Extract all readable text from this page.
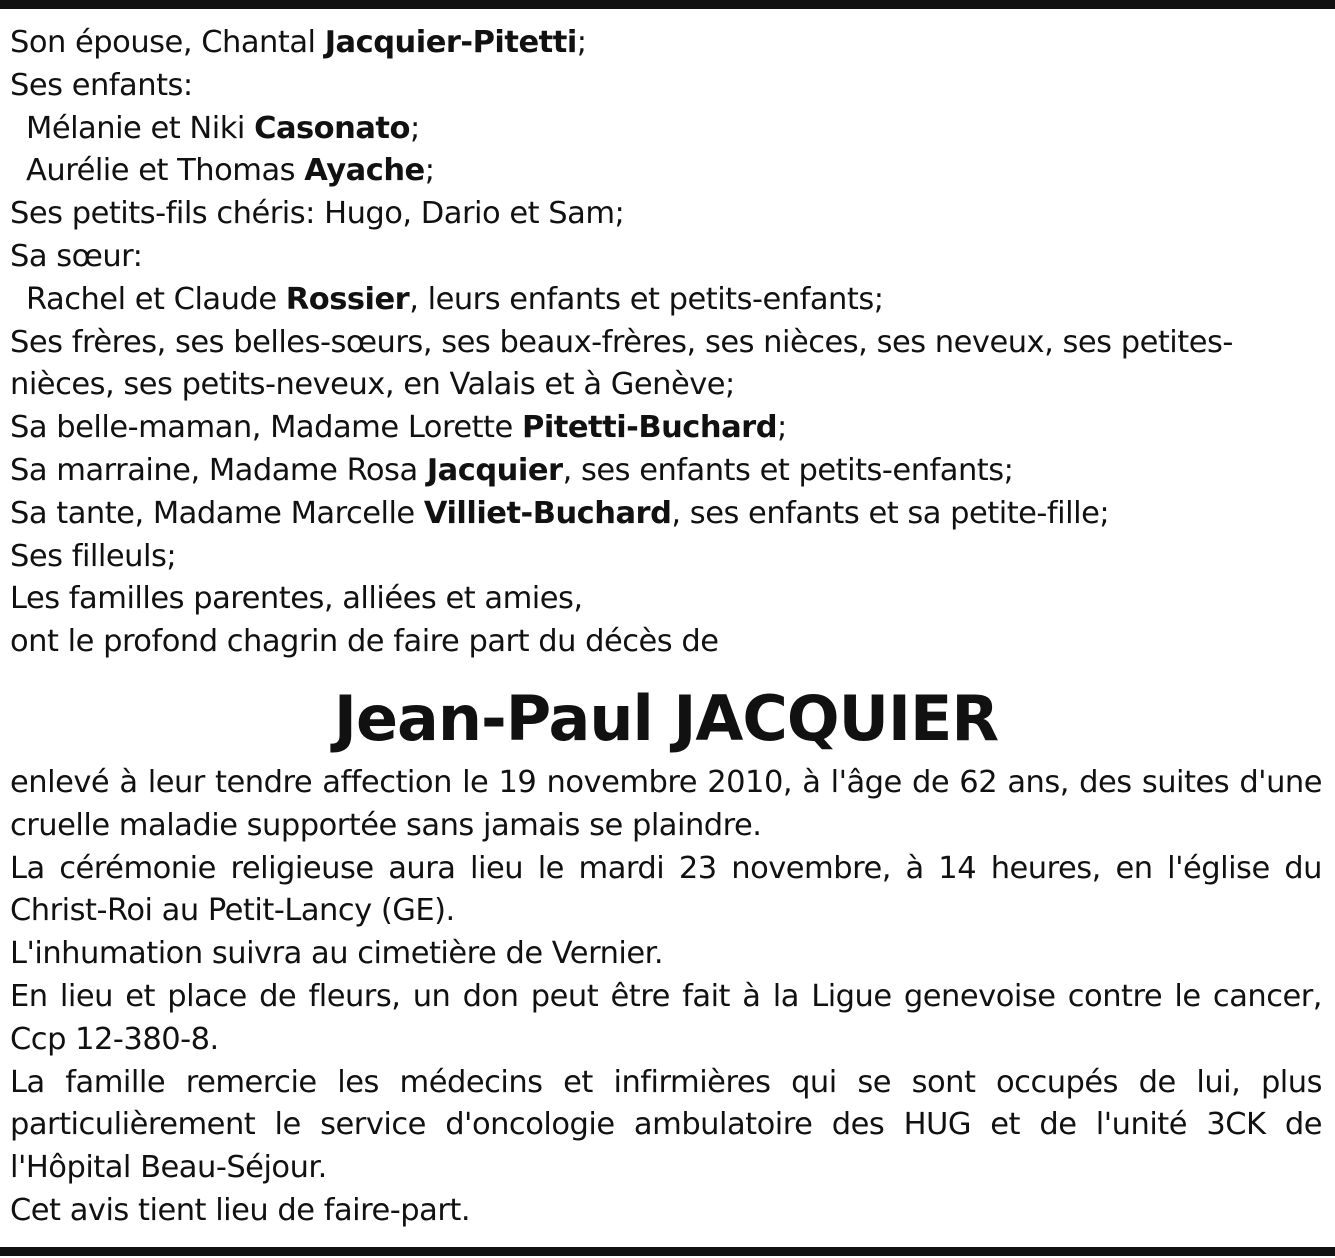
Son épouse, Chantal Jacquier-Pitetti;
Ses enfants:
Mélanie et Niki Casonato;
Aurélie et Thomas Ayache;
Ses petits-fils chéris: Hugo, Dario et Sam;
Sa sœur:
Rachel et Claude Rossier, leurs enfants et petits-enfants;
Ses frères, ses belles-sœurs, ses beaux-frères, ses nièces, ses neveux, ses petites-
nièces, ses petits-neveux, en Valais et à Genève;
Sa belle-maman, Madame Lorette Pitetti-Buchard;
Sa marraine, Madame Rosa Jacquier, ses enfants et petits-enfants;
Sa tante, Madame Marcelle Villiet-Buchard, ses enfants et sa petite-fille;
Ses filleuls;
Les familles parentes, alliées et amies,
ont le profond chagrin de faire part du décès de
Jean-Paul JACQUIER
enlevé à leur tendre affection le 19 novembre 2010, à l'âge de 62 ans, des suites d'une cruelle maladie supportée sans jamais se plaindre.
La cérémonie religieuse aura lieu le mardi 23 novembre, à 14 heures, en l'église du Christ-Roi au Petit-Lancy (GE).
L'inhumation suivra au cimetière de Vernier.
En lieu et place de fleurs, un don peut être fait à la Ligue genevoise contre le cancer, Ccp 12-380-8.
La famille remercie les médecins et infirmières qui se sont occupés de lui, plus particulièrement le service d'oncologie ambulatoire des HUG et de l'unité 3CK de l'Hôpital Beau-Séjour.
Cet avis tient lieu de faire-part.
